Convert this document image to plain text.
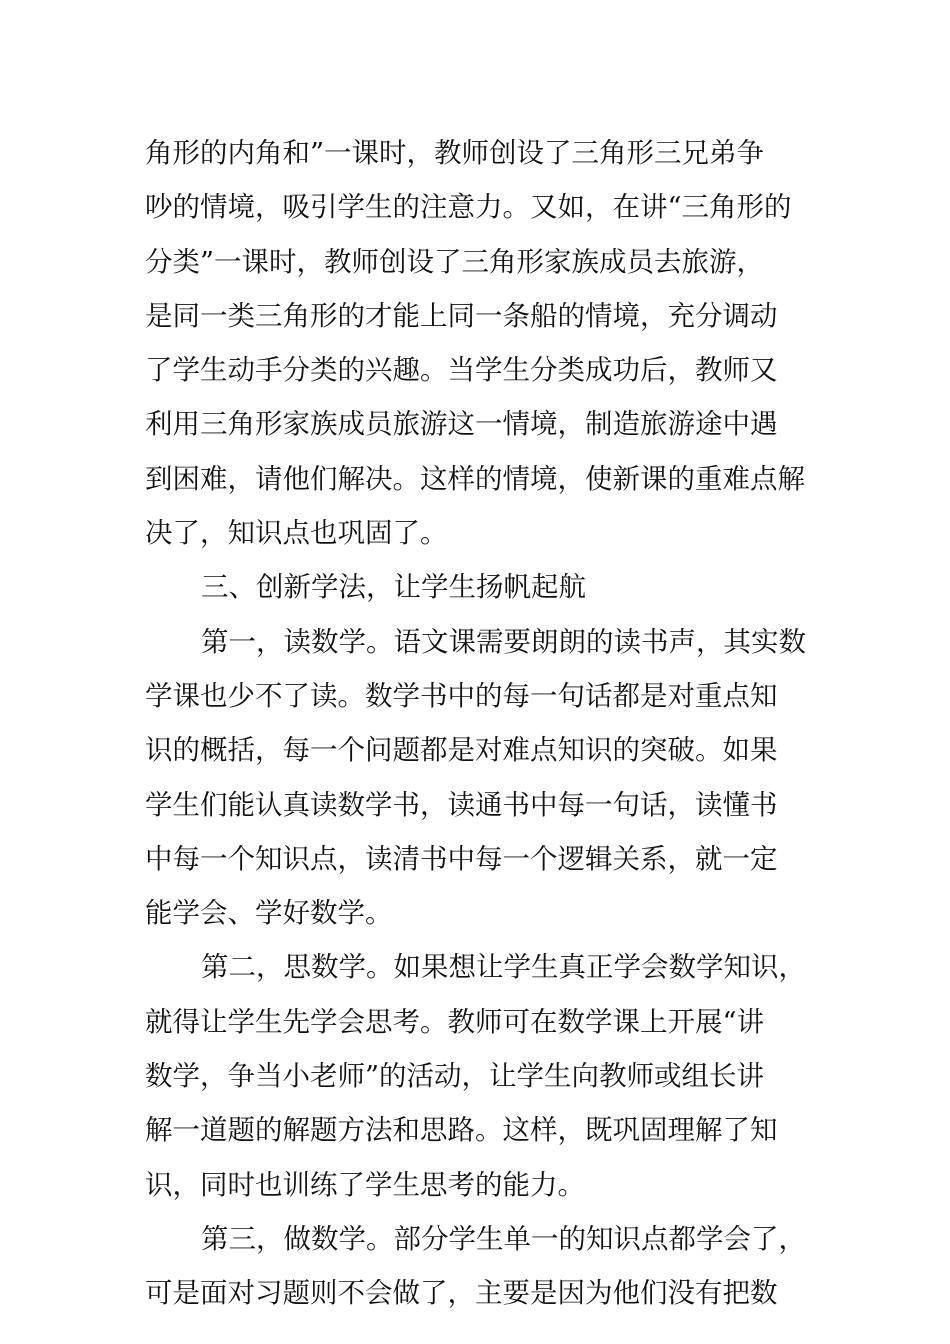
角形的内角和”一课时，教师创设了三角形三兄弟争
吵的情境，吸引学生的注意力。又如，在讲“三角形的
分类”一课时，教师创设了三角形家族成员去旅游，
是同一类三角形的才能上同一条船的情境，充分调动
了学生动手分类的兴趣。当学生分类成功后，教师又
利用三角形家族成员旅游这一情境，制造旅游途中遇
到困难，请他们解决。这样的情境，使新课的重难点解
决了，知识点也巩固了。
三、创新学法，让学生扬帆起航
第一，读数学。语文课需要朗朗的读书声，其实数
学课也少不了读。数学书中的每一句话都是对重点知
识的概括，每一个问题都是对难点知识的突破。如果
学生们能认真读数学书，读通书中每一句话，读懂书
中每一个知识点，读清书中每一个逻辑关系，就一定
能学会、学好数学。
第二，思数学。如果想让学生真正学会数学知识，
就得让学生先学会思考。教师可在数学课上开展“讲
数学，争当小老师”的活动，让学生向教师或组长讲
解一道题的解题方法和思路。这样，既巩固理解了知
识，同时也训练了学生思考的能力。
第三，做数学。部分学生单一的知识点都学会了，
可是面对习题则不会做了，主要是因为他们没有把数
